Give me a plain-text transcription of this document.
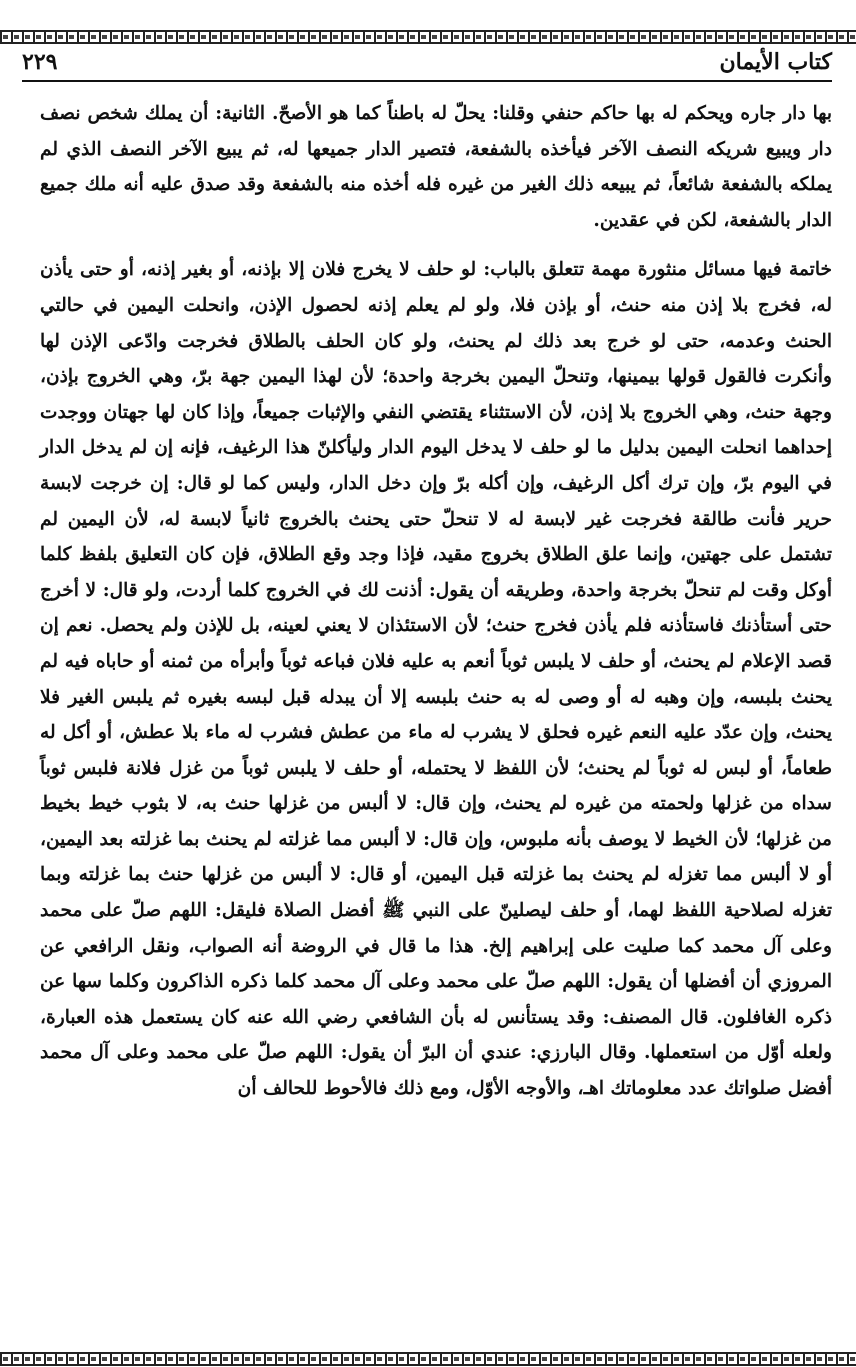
كتاب الأيمان
٢٢٩

بها دار جاره ويحكم له بها حاكم حنفي وقلنا: يحلّ له باطناً كما هو الأصحّ. الثانية: أن يملك شخص نصف دار ويبيع شريكه النصف الآخر فيأخذه بالشفعة، فتصير الدار جميعها له، ثم يبيع الآخر النصف الذي لم يملكه بالشفعة شائعاً، ثم يبيعه ذلك الغير من غيره فله أخذه منه بالشفعة وقد صدق عليه أنه ملك جميع الدار بالشفعة، لكن في عقدين.

خاتمة فيها مسائل منثورة مهمة تتعلق بالباب: لو حلف لا يخرج فلان إلا بإذنه، أو بغير إذنه، أو حتى يأذن له، فخرج بلا إذن منه حنث، أو بإذن فلا، ولو لم يعلم إذنه لحصول الإذن، وانحلت اليمين في حالتي الحنث وعدمه، حتى لو خرج بعد ذلك لم يحنث، ولو كان الحلف بالطلاق فخرجت وادّعى الإذن لها وأنكرت فالقول قولها بيمينها، وتنحلّ اليمين بخرجة واحدة؛ لأن لهذا اليمين جهة برّ، وهي الخروج بإذن، وجهة حنث، وهي الخروج بلا إذن، لأن الاستثناء يقتضي النفي والإثبات جميعاً، وإذا كان لها جهتان ووجدت إحداهما انحلت اليمين بدليل ما لو حلف لا يدخل اليوم الدار وليأكلنّ هذا الرغيف، فإنه إن لم يدخل الدار في اليوم برّ، وإن ترك أكل الرغيف، وإن أكله برّ وإن دخل الدار، وليس كما لو قال: إن خرجت لابسة حرير فأنت طالقة فخرجت غير لابسة له لا تنحلّ حتى يحنث بالخروج ثانياً لابسة له، لأن اليمين لم تشتمل على جهتين، وإنما علق الطلاق بخروج مقيد، فإذا وجد وقع الطلاق، فإن كان التعليق بلفظ كلما أوكل وقت لم تنحلّ بخرجة واحدة، وطريقه أن يقول: أذنت لك في الخروج كلما أردت، ولو قال: لا أخرج حتى أستأذنك فاستأذنه فلم يأذن فخرج حنث؛ لأن الاستئذان لا يعني لعينه، بل للإذن ولم يحصل. نعم إن قصد الإعلام لم يحنث، أو حلف لا يلبس ثوباً أنعم به عليه فلان فباعه ثوباً وأبرأه من ثمنه أو حاباه فيه لم يحنث بلبسه، وإن وهبه له أو وصى له به حنث بلبسه إلا أن يبدله قبل لبسه بغيره ثم يلبس الغير فلا يحنث، وإن عدّد عليه النعم غيره فحلق لا يشرب له ماء من عطش فشرب له ماء بلا عطش، أو أكل له طعاماً، أو لبس له ثوباً لم يحنث؛ لأن اللفظ لا يحتمله، أو حلف لا يلبس ثوباً من غزل فلانة فلبس ثوباً سداه من غزلها ولحمته من غيره لم يحنث، وإن قال: لا ألبس من غزلها حنث به، لا بثوب خيط بخيط من غزلها؛ لأن الخيط لا يوصف بأنه ملبوس، وإن قال: لا ألبس مما غزلته لم يحنث بما غزلته بعد اليمين، أو لا ألبس مما تغزله لم يحنث بما غزلته قبل اليمين، أو قال: لا ألبس من غزلها حنث بما غزلته وبما تغزله لصلاحية اللفظ لهما، أو حلف ليصلينّ على النبي ﷺ أفضل الصلاة فليقل: اللهم صلّ على محمد وعلى آل محمد كما صليت على إبراهيم إلخ. هذا ما قال في الروضة أنه الصواب، ونقل الرافعي عن المروزي أن أفضلها أن يقول: اللهم صلّ على محمد وعلى آل محمد كلما ذكره الذاكرون وكلما سها عن ذكره الغافلون. قال المصنف: وقد يستأنس له بأن الشافعي رضي الله عنه كان يستعمل هذه العبارة، ولعله أوّل من استعملها. وقال البارزي: عندي أن البرّ أن يقول: اللهم صلّ على محمد وعلى آل محمد أفضل صلواتك عدد معلوماتك اهـ، والأوجه الأوّل، ومع ذلك فالأحوط للحالف أن
